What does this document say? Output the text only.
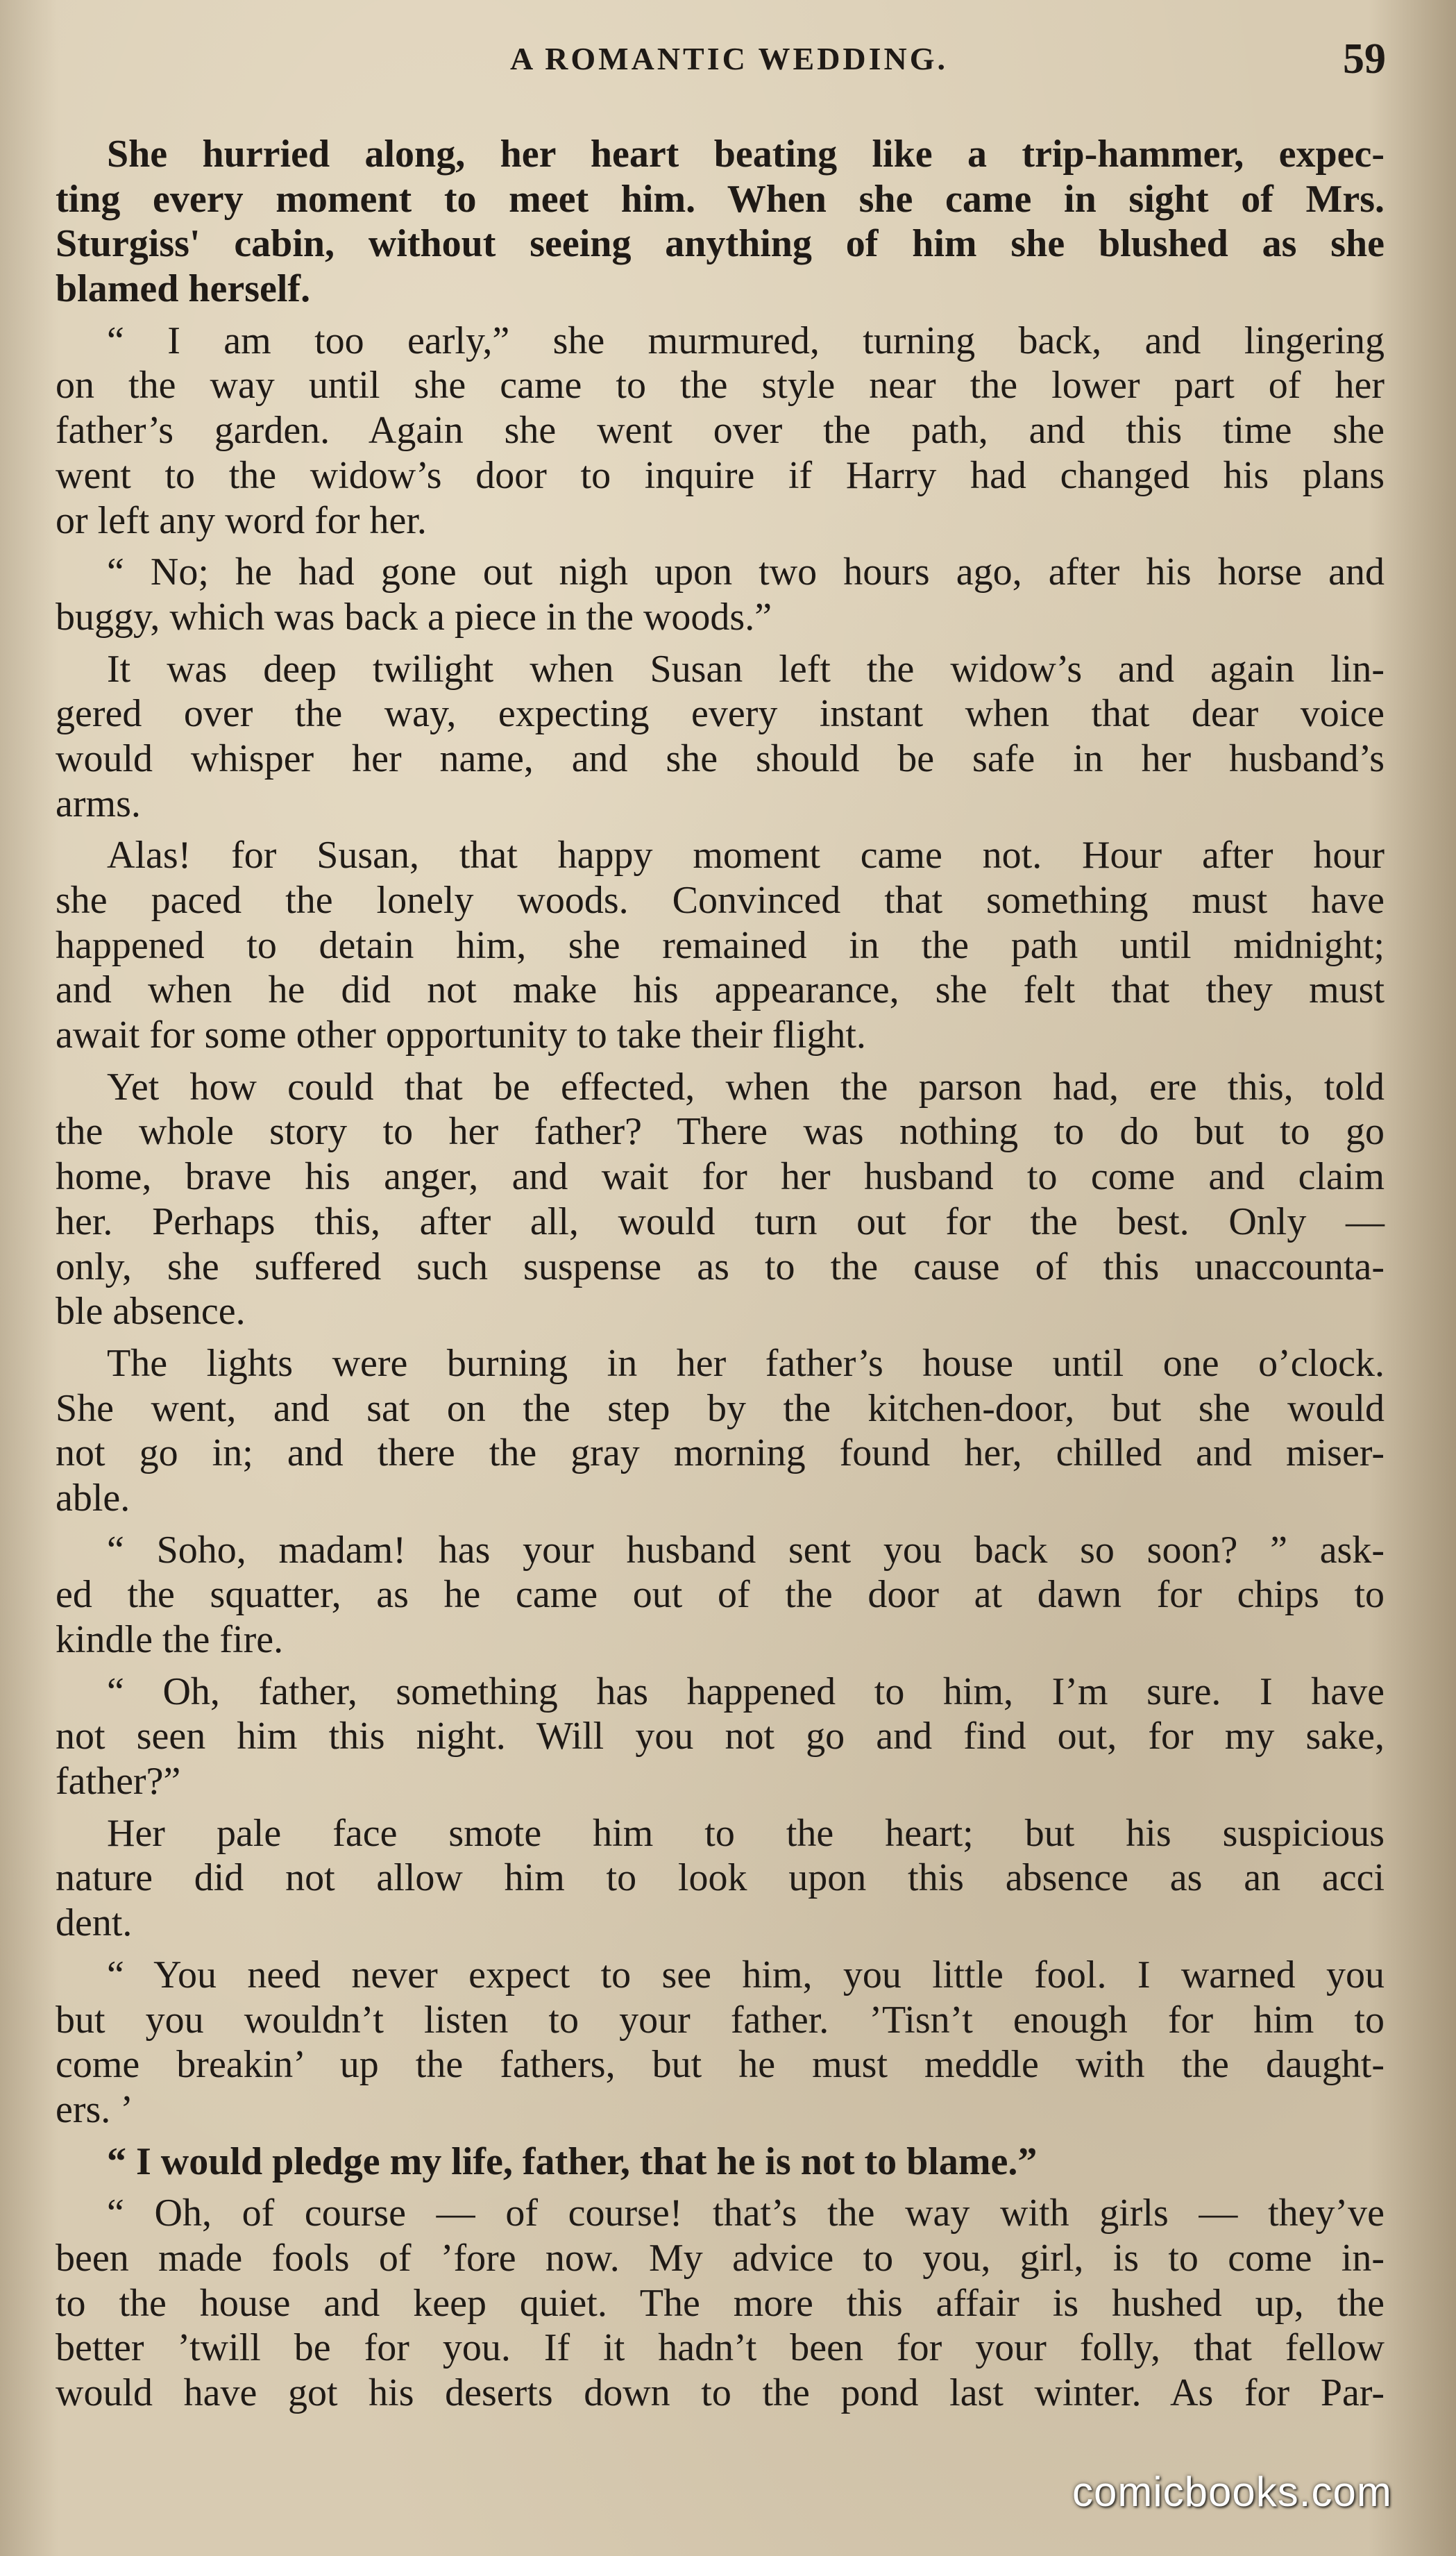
A ROMANTIC WEDDING.	59
She hurried along, her heart beating like a trip-hammer, expec-
ting every moment to meet him. When she came in sight of Mrs.
Sturgiss' cabin, without seeing anything of him she blushed as she
blamed herself.
“ I am too early,” she murmured, turning back, and lingering
on the way until she came to the style near the lower part of her
father’s garden. Again she went over the path, and this time she
went to the widow’s door to inquire if Harry had changed his plans
or left any word for her.
“ No; he had gone out nigh upon two hours ago, after his horse and
buggy, which was back a piece in the woods.”
It was deep twilight when Susan left the widow’s and again lin-
gered over the way, expecting every instant when that dear voice
would whisper her name, and she should be safe in her husband’s
arms.
Alas! for Susan, that happy moment came not. Hour after hour
she paced the lonely woods. Convinced that something must have
happened to detain him, she remained in the path until midnight;
and when he did not make his appearance, she felt that they must
await for some other opportunity to take their flight.
Yet how could that be effected, when the parson had, ere this, told
the whole story to her father? There was nothing to do but to go
home, brave his anger, and wait for her husband to come and claim
her. Perhaps this, after all, would turn out for the best. Only —
only, she suffered such suspense as to the cause of this unaccounta-
ble absence.
The lights were burning in her father’s house until one o’clock.
She went, and sat on the step by the kitchen-door, but she would
not go in; and there the gray morning found her, chilled and miser-
able.
“ Soho, madam! has your husband sent you back so soon? ” ask-
ed the squatter, as he came out of the door at dawn for chips to
kindle the fire.
“ Oh, father, something has happened to him, I’m sure. I have
not seen him this night. Will you not go and find out, for my sake,
father?”
Her pale face smote him to the heart; but his suspicious
nature did not allow him to look upon this absence as an acci
dent.
“ You need never expect to see him, you little fool. I warned you
but you wouldn’t listen to your father. ’Tisn’t enough for him to
come breakin’ up the fathers, but he must meddle with the daught-
ers. ’
“ I would pledge my life, father, that he is not to blame.”
“ Oh, of course — of course! that’s the way with girls — they’ve
been made fools of ’fore now. My advice to you, girl, is to come in-
to the house and keep quiet. The more this affair is hushed up, the
better ’twill be for you. If it hadn’t been for your folly, that fellow
would have got his deserts down to the pond last winter. As for Par-
comicbooks.com
